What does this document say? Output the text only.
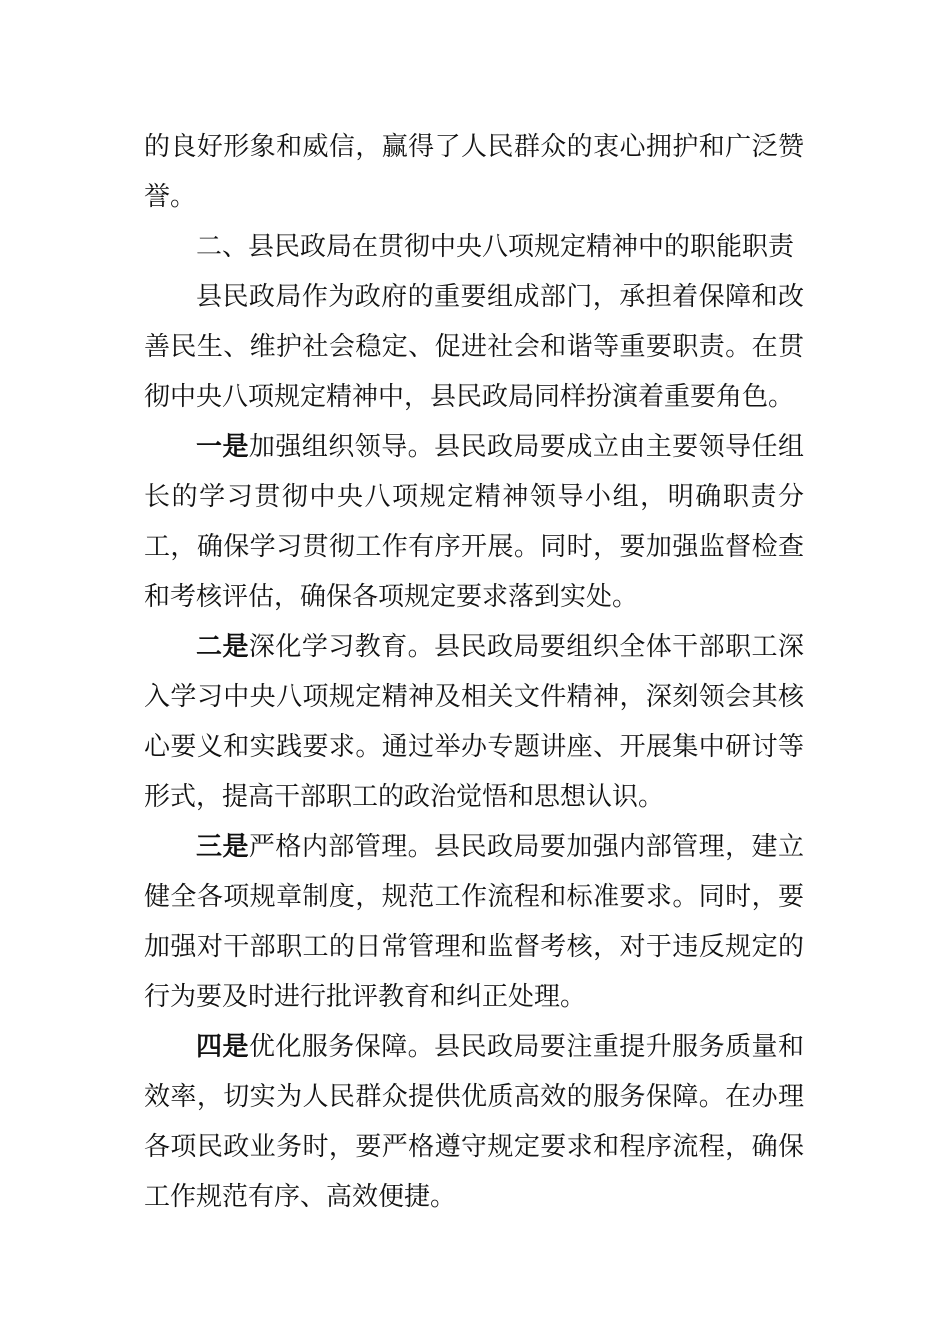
的良好形象和威信，赢得了人民群众的衷心拥护和广泛赞誉。

二、县民政局在贯彻中央八项规定精神中的职能职责

县民政局作为政府的重要组成部门，承担着保障和改善民生、维护社会稳定、促进社会和谐等重要职责。在贯彻中央八项规定精神中，县民政局同样扮演着重要角色。

一是加强组织领导。县民政局要成立由主要领导任组长的学习贯彻中央八项规定精神领导小组，明确职责分工，确保学习贯彻工作有序开展。同时，要加强监督检查和考核评估，确保各项规定要求落到实处。

二是深化学习教育。县民政局要组织全体干部职工深入学习中央八项规定精神及相关文件精神，深刻领会其核心要义和实践要求。通过举办专题讲座、开展集中研讨等形式，提高干部职工的政治觉悟和思想认识。

三是严格内部管理。县民政局要加强内部管理，建立健全各项规章制度，规范工作流程和标准要求。同时，要加强对干部职工的日常管理和监督考核，对于违反规定的行为要及时进行批评教育和纠正处理。

四是优化服务保障。县民政局要注重提升服务质量和效率，切实为人民群众提供优质高效的服务保障。在办理各项民政业务时，要严格遵守规定要求和程序流程，确保工作规范有序、高效便捷。
